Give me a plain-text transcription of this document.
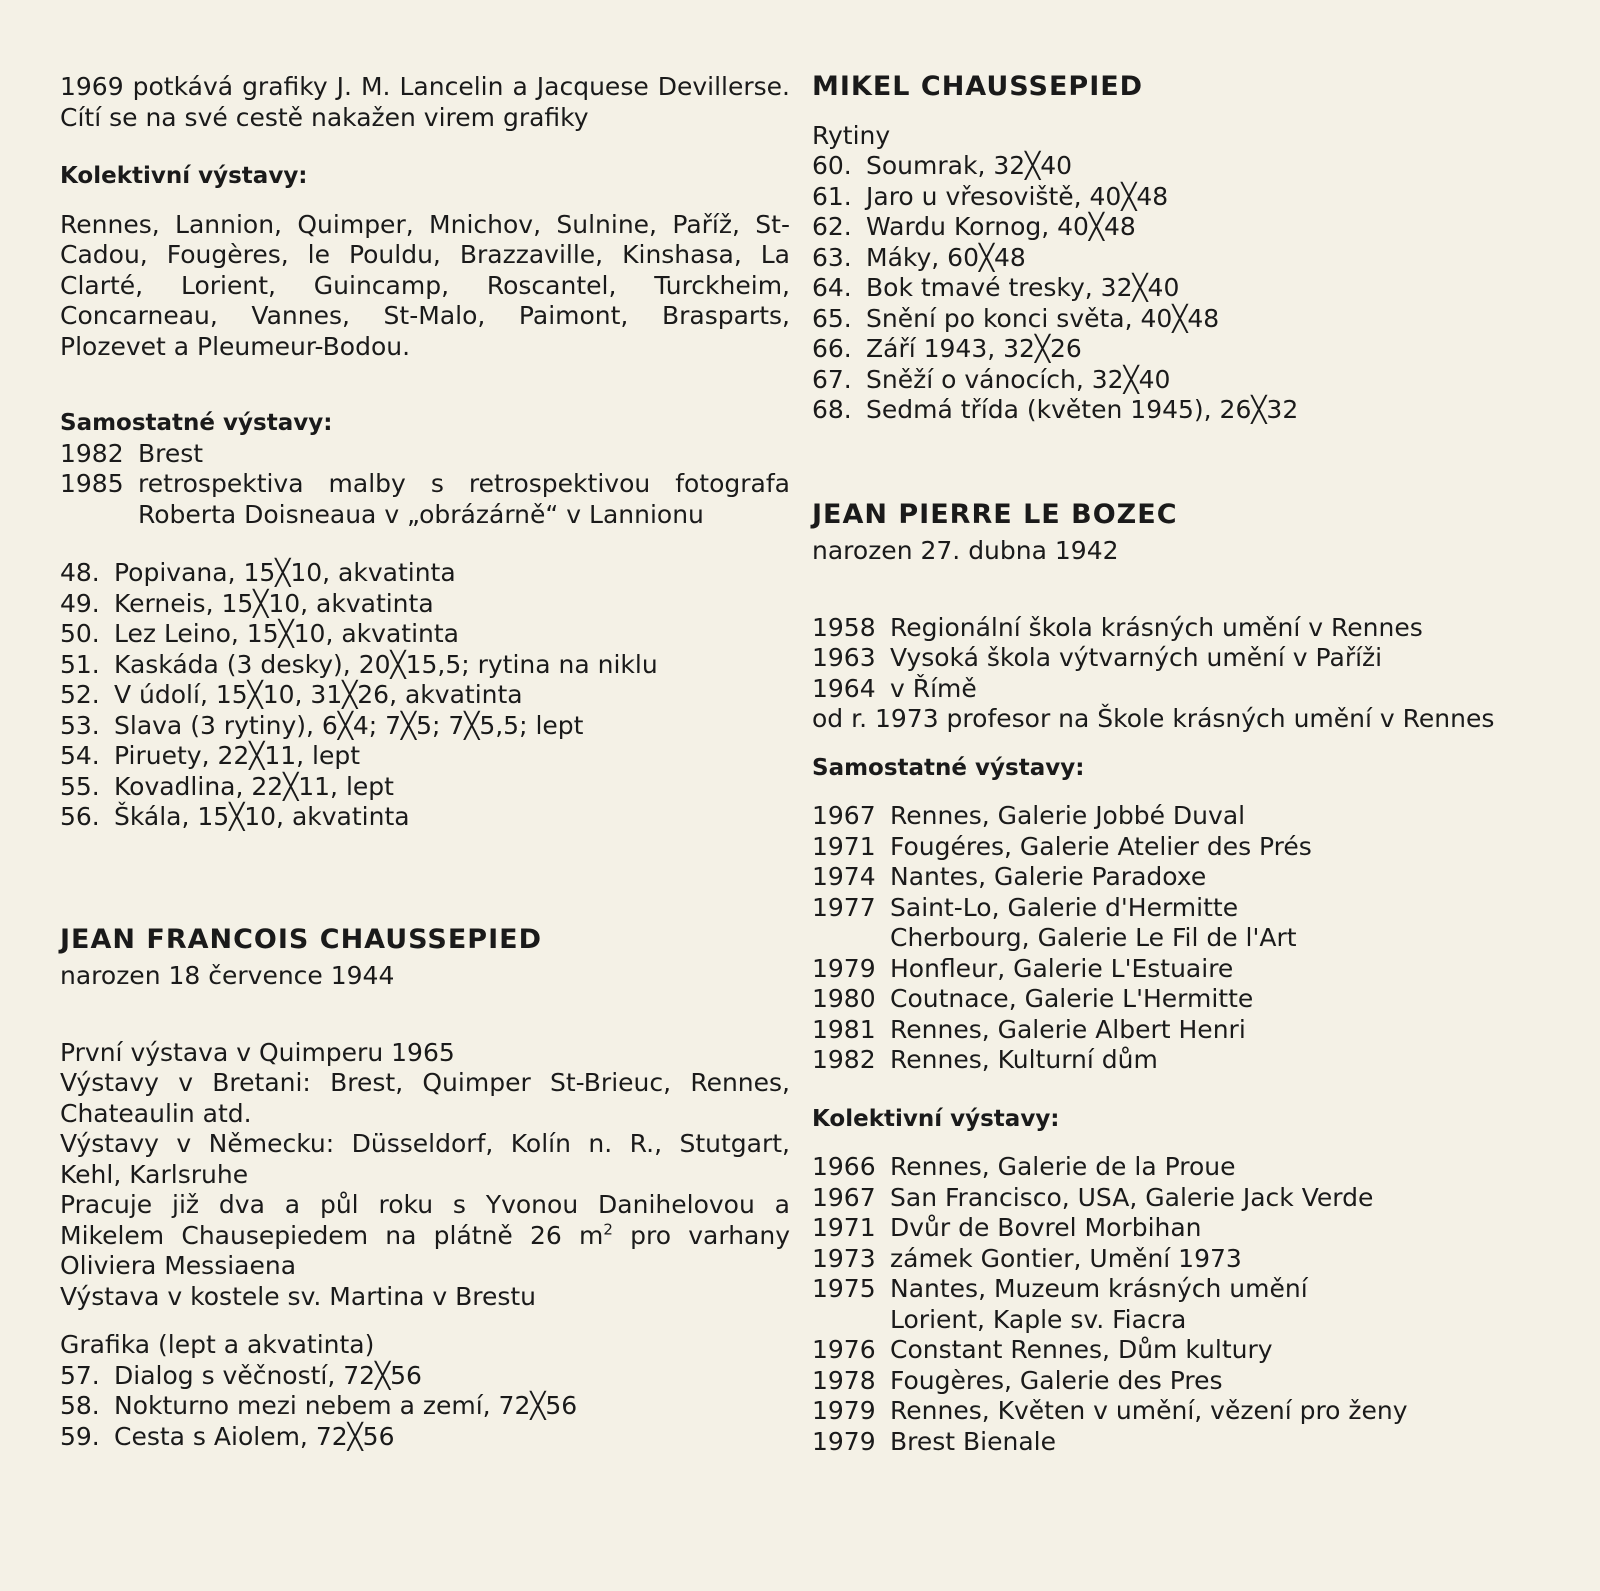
1969 potkává grafiky J. M. Lancelin a Jacquese Devillerse. Cítí se na své cestě nakažen virem grafiky

Kolektivní výstavy:

Rennes, Lannion, Quimper, Mnichov, Sulnine, Paříž, St-Cadou, Fougères, le Pouldu, Brazzaville, Kinshasa, La Clarté, Lorient, Guincamp, Roscantel, Turckheim, Concarneau, Vannes, St-Malo, Paimont, Brasparts, Plozevet a Pleumeur-Bodou.

Samostatné výstavy:

1982 Brest
1985 retrospektiva malby s retrospektivou fotografa Roberta Doisneaua v „obrázárně“ v Lannionu
48. Popivana, 15╳10, akvatinta
49. Kerneis, 15╳10, akvatinta
50. Lez Leino, 15╳10, akvatinta
51. Kaskáda (3 desky), 20╳15,5; rytina na niklu
52. V údolí, 15╳10, 31╳26, akvatinta
53. Slava (3 rytiny), 6╳4; 7╳5; 7╳5,5; lept
54. Piruety, 22╳11, lept
55. Kovadlina, 22╳11, lept
56. Škála, 15╳10, akvatinta

JEAN FRANCOIS CHAUSSEPIED

narozen 18 července 1944

První výstava v Quimperu 1965

Výstavy v Bretani: Brest, Quimper St-Brieuc, Rennes, Chateaulin atd.

Výstavy v Německu: Düsseldorf, Kolín n. R., Stutgart, Kehl, Karlsruhe

Pracuje již dva a půl roku s Yvonou Danihelovou a Mikelem Chausepiedem na plátně 26 $m^2$ pro varhany Oliviera Messiaena

Výstava v kostele sv. Martina v Brestu

Grafika (lept a akvatinta)

57. Dialog s věčností, 72╳56
58. Nokturno mezi nebem a zemí, 72╳56
59. Cesta s Aiolem, 72╳56

MIKEL CHAUSSEPIED

Rytiny

60. Soumrak, 32╳40
61. Jaro u vřesoviště, 40╳48
62. Wardu Kornog, 40╳48
63. Máky, 60╳48
64. Bok tmavé tresky, 32╳40
65. Snění po konci světa, 40╳48
66. Září 1943, 32╳26
67. Sněží o vánocích, 32╳40
68. Sedmá třída (květen 1945), 26╳32

JEAN PIERRE LE BOZEC

narozen 27. dubna 1942

1958 Regionální škola krásných umění v Rennes
1963 Vysoká škola výtvarných umění v Paříži
1964 v Římě

od r. 1973 profesor na Škole krásných umění v Rennes

Samostatné výstavy:

1967 Rennes, Galerie Jobbé Duval
1971 Fougéres, Galerie Atelier des Prés
1974 Nantes, Galerie Paradoxe
1977 Saint-Lo, Galerie d'Hermitte
Cherbourg, Galerie Le Fil de l'Art
1979 Honfleur, Galerie L'Estuaire
1980 Coutnace, Galerie L'Hermitte
1981 Rennes, Galerie Albert Henri
1982 Rennes, Kulturní dům

Kolektivní výstavy:

1966 Rennes, Galerie de la Proue
1967 San Francisco, USA, Galerie Jack Verde
1971 Dvůr de Bovrel Morbihan
1973 zámek Gontier, Umění 1973
1975 Nantes, Muzeum krásných umění
Lorient, Kaple sv. Fiacra
1976 Constant Rennes, Dům kultury
1978 Fougères, Galerie des Pres
1979 Rennes, Květen v umění, vězení pro ženy
1979 Brest Bienale
